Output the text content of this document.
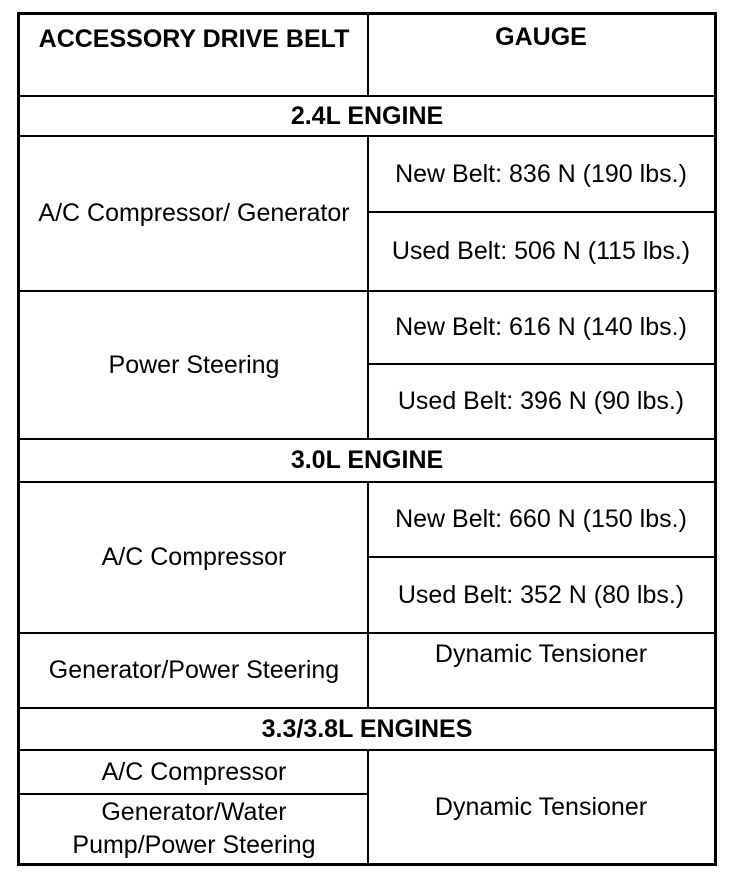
ACCESSORY DRIVE BELT	GAUGE
2.4L ENGINE
A/C Compressor/ Generator
New Belt: 836 N (190 lbs.)
Used Belt: 506 N (115 lbs.)
Power Steering
New Belt: 616 N (140 lbs.)
Used Belt: 396 N (90 lbs.)
3.0L ENGINE
A/C Compressor
New Belt: 660 N (150 lbs.)
Used Belt: 352 N (80 lbs.)
Generator/Power Steering
Dynamic Tensioner
3.3/3.8L ENGINES
A/C Compressor
Generator/Water Pump/Power Steering
Dynamic Tensioner
